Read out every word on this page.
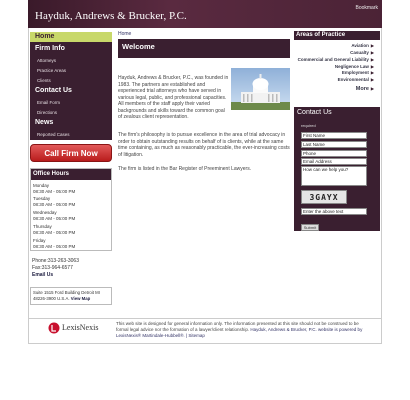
Hayduk, Andrews & Brucker, P.C.
Bookmark
Home
Firm Info
Attorneys
Practice Areas
Clients
Contact Us
Email Form
Directions
News
Reported Cases
Call Firm Now
Office Hours
Monday
08:30 AM - 05:00 PM
Tuesday
08:30 AM - 05:00 PM
Wednesday
08:30 AM - 05:00 PM
Thursday
08:30 AM - 05:00 PM
Friday
08:30 AM - 05:00 PM
Phone:313-263-3063
Fax:313-964-6577
Email Us
Suite 1515 Ford Building Detroit MI 48226-3900 U.S.A. View Map
Home
Welcome
Hayduk, Andrews & Brucker, P.C., was founded in 1983. The partners are established and experienced trial attorneys who have served in various legal, public, and professional capacities. All members of the staff apply their varied backgrounds and skills toward the common goal of zealous client representation.
The firm's philosophy is to pursue excellence in the area of trial advocacy in order to obtain outstanding results on behalf of is clients, while at the same time containing, as much as reasonably practicable, the ever-increasing costs of litigation.
The firm is listed in the Bar Register of Preeminent Lawyers.
Areas of Practice
Aviation ▶
Casualty ▶
Commercial and General Liability ▶
Negligence Law ▶
Employment ▶
Environmental ▶
More ▶
Contact Us
required
First Name
Last Name
Phone
Email Address
How can we help you?
3GAYX
Enter the above text
Submit
LexisNexis	This web site is designed for general information only. The information presented at this site should not be construed to be formal legal advice nor the formation of a lawyer/client relationship. Hayduk, Andrews & Brucker, P.C. website is powered by LexisNexis® Martindale-Hubbell®. | Sitemap
